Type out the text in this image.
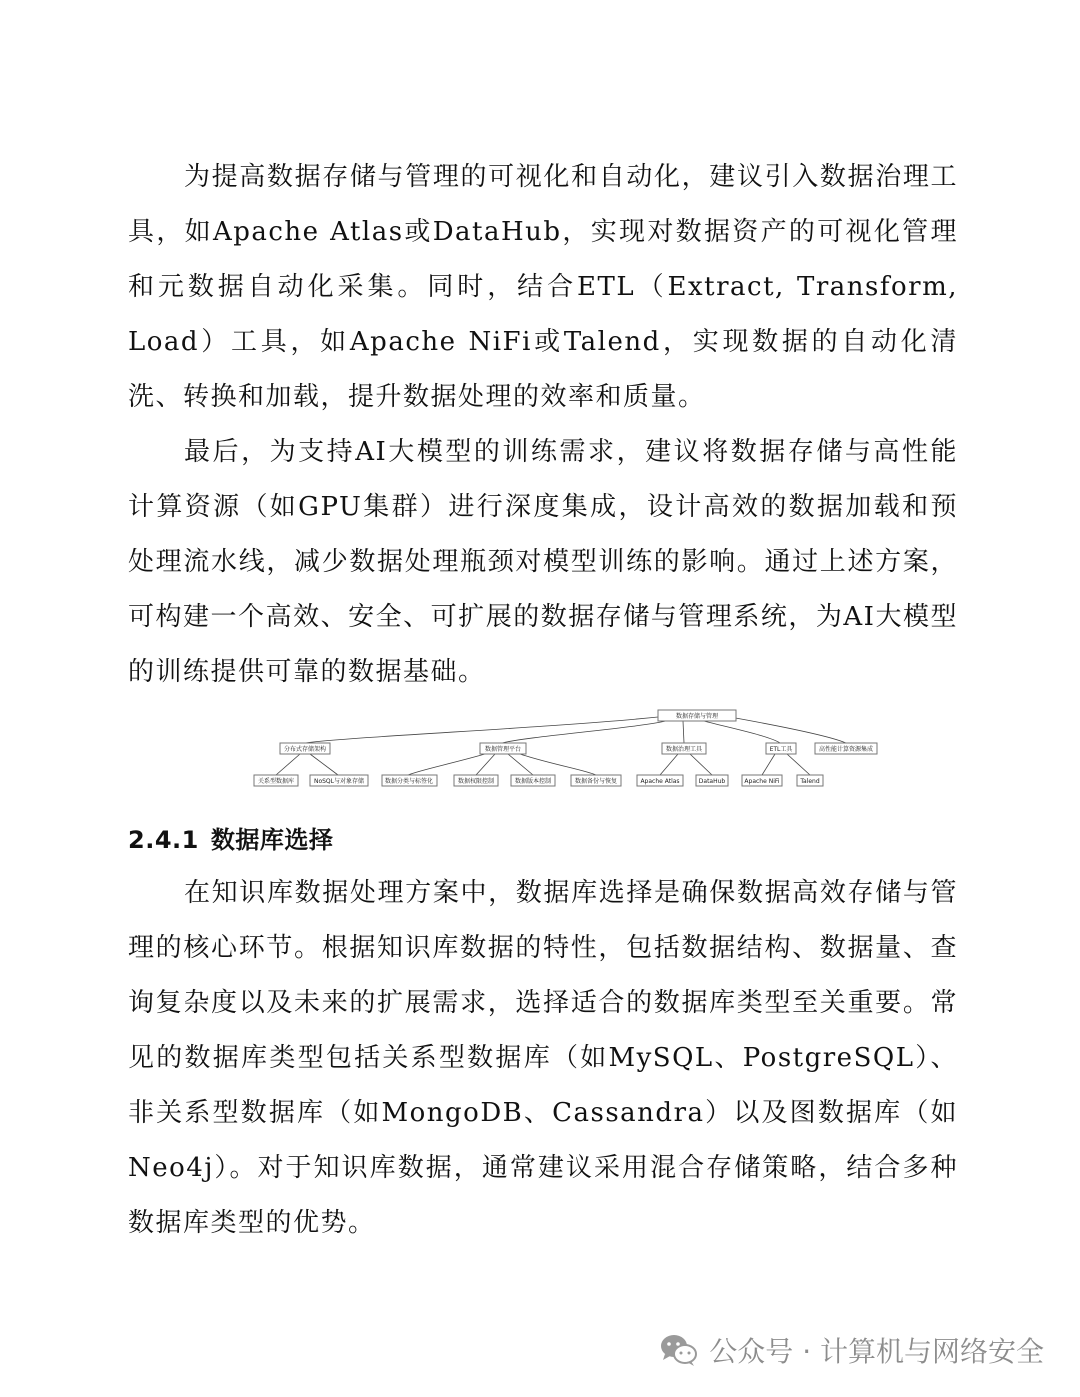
为提高数据存储与管理的可视化和自动化，建议引入数据治理工具，如Apache Atlas或DataHub，实现对数据资产的可视化管理和元数据自动化采集。同时，结合ETL（Extract, Transform, Load）工具，如Apache NiFi或Talend，实现数据的自动化清洗、转换和加载，提升数据处理的效率和质量。

最后，为支持AI大模型的训练需求，建议将数据存储与高性能计算资源（如GPU集群）进行深度集成，设计高效的数据加载和预处理流水线，减少数据处理瓶颈对模型训练的影响。通过上述方案，可构建一个高效、安全、可扩展的数据存储与管理系统，为AI大模型的训练提供可靠的数据基础。

数据存储与管理
分布式存储架构	数据管理平台	数据治理工具	ETL工具	高性能计算资源集成
关系型数据库	NoSQL与对象存储	数据分类与标签化	数据权限控制	数据版本控制	数据备份与恢复	Apache Atlas	DataHub	Apache NiFi	Talend
2.4.1 数据库选择

在知识库数据处理方案中，数据库选择是确保数据高效存储与管理的核心环节。根据知识库数据的特性，包括数据结构、数据量、查询复杂度以及未来的扩展需求，选择适合的数据库类型至关重要。常见的数据库类型包括关系型数据库（如MySQL、PostgreSQL）、非关系型数据库（如MongoDB、Cassandra）以及图数据库（如Neo4j）。对于知识库数据，通常建议采用混合存储策略，结合多种数据库类型的优势。

公众号 · 计算机与网络安全
